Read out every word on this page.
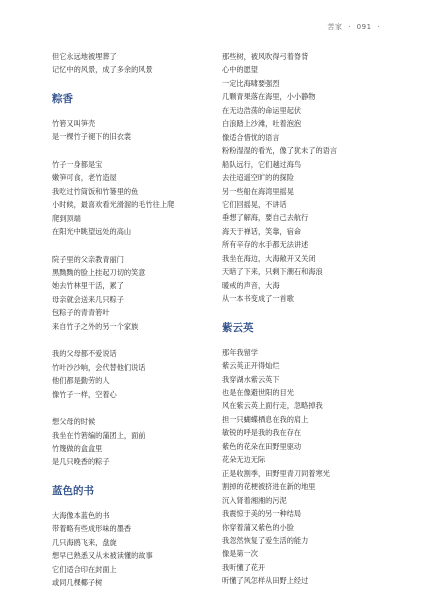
苦家 · 091 ·
但它永远地被埋葬了
记忆中的风景，成了多余的风景
粽香
竹箬又叫笋壳
是一棵竹子褪下的旧衣裳
竹子一身都是宝
嫩笋可食，老竹造屋
我吃过竹筒饭和竹篓里的鱼
小时候，最喜欢看光滑溜的毛竹往上爬
爬到顶端
在阳光中眺望远处的高山
院子里的父亲教青丽门
黑黝黝的脸上挂起刀切的笑意
她去竹林里干活，累了
母亲就会送来几只粽子
包粽子的青青箬叶
来自竹子之外的另一个家族
我的父母都不爱说话
竹叶沙沙响，会代替他们说话
他们都是勤劳的人
像竹子一样，空着心
想父母的时候
我坐在竹箬编的蒲团上，面前
竹篾做的盒盒里
是几只晚香的粽子
蓝色的书
大海像本蓝色的书
带着略有些成形味的墨香
几只海鸥飞来，盘旋
想早已熟悉又从未被读懂的故事
它们适合印在封面上
或同几棵椰子树
那些树，被风吹得弓着脊背
心中的愿望
一定比海啸要强烈
几颗青果落在海里，小小静物
在无边浩荡的命运里起伏
白浪踏上沙滩，吐着泡泡
像适合惜忧的语言
粉粉湿湿的看光，像了犹未了的语言
船队远行，它们越过海鸟
去往迢遥空旷的的探险
另一些船在海湾里摇晃
它们回摇晃，不讲话
垂想了解海，要自己去航行
海天于禅话，笑靠，宿命
所有辛存的水手都无法讲述
我坐在海边，大海敞开又关闭
天暗了下来，只剩下潮石和海浪
暖戒的声音，大海
从一本书变成了一首歌
紫云英
那年我留学
紫云英正开得灿烂
我穿湖水紫云英下
也是在像避世阳的目光
风在紫云英上面行走，忽略掉我
担一只蝴蝶栖息在我的肩上
敏锐的呼是我的我在存在
紫色的花朵在田野里驱动
花朵无边无际
正是收割季，田野里青刀同着寒光
割掉的花梗被挤进在新的地里
沉入肾着湘湘的污泥
我震惊于美的另一种结局
你穿着蒲又紫色的小脸
我忽然恢复了爱生活的能力
像是第一次
我听懂了花开
听懂了风怎样从田野上经过
